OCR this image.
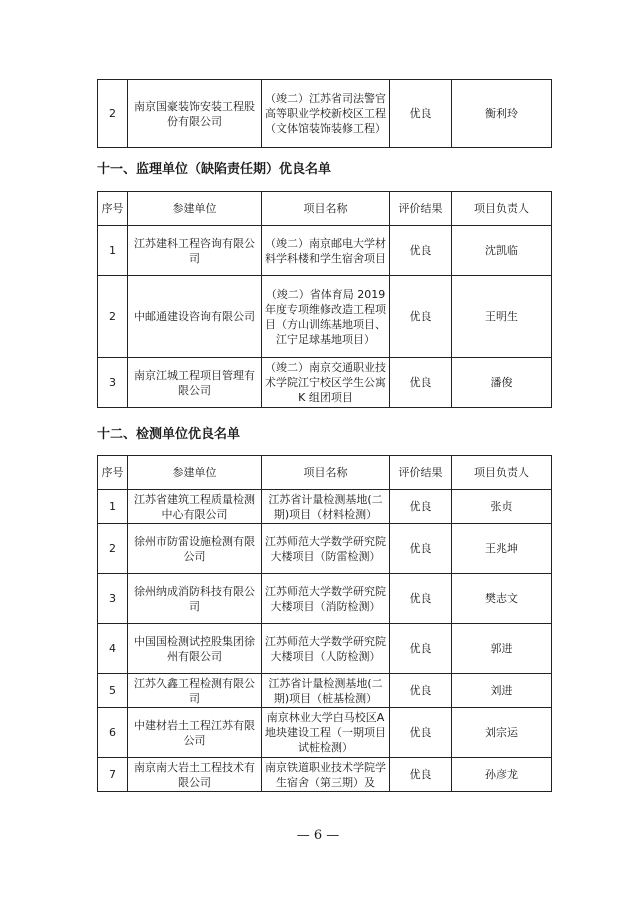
2	南京国豪装饰安装工程股份有限公司	（竣二）江苏省司法警官高等职业学校新校区工程（文体馆装饰装修工程）	优良	衡利玲
十一、监理单位（缺陷责任期）优良名单
序号	参建单位	项目名称	评价结果	项目负责人
1	江苏建科工程咨询有限公司	（竣二）南京邮电大学材料学科楼和学生宿舍项目	优良	沈凯临
2	中邮通建设咨询有限公司	（竣二）省体育局 2019 年度专项维修改造工程项目（方山训练基地项目、江宁足球基地项目）	优良	王明生
3	南京江城工程项目管理有限公司	（竣二）南京交通职业技术学院江宁校区学生公寓 K 组团项目	优良	潘俊
十二、检测单位优良名单
序号	参建单位	项目名称	评价结果	项目负责人
1	江苏省建筑工程质量检测中心有限公司	江苏省计量检测基地(二期)项目（材料检测）	优良	张贞
2	徐州市防雷设施检测有限公司	江苏师范大学数学研究院大楼项目（防雷检测）	优良	王兆坤
3	徐州纳成消防科技有限公司	江苏师范大学数学研究院大楼项目（消防检测）	优良	樊志文
4	中国国检测试控股集团徐州有限公司	江苏师范大学数学研究院大楼项目（人防检测）	优良	郭进
5	江苏久鑫工程检测有限公司	江苏省计量检测基地(二期)项目（桩基检测）	优良	刘进
6	中建材岩土工程江苏有限公司	南京林业大学白马校区A 地块建设工程（一期项目试桩检测）	优良	刘宗运
7	南京南大岩土工程技术有限公司	南京铁道职业技术学院学生宿舍（第三期）及	优良	孙彦龙
— 6 —
